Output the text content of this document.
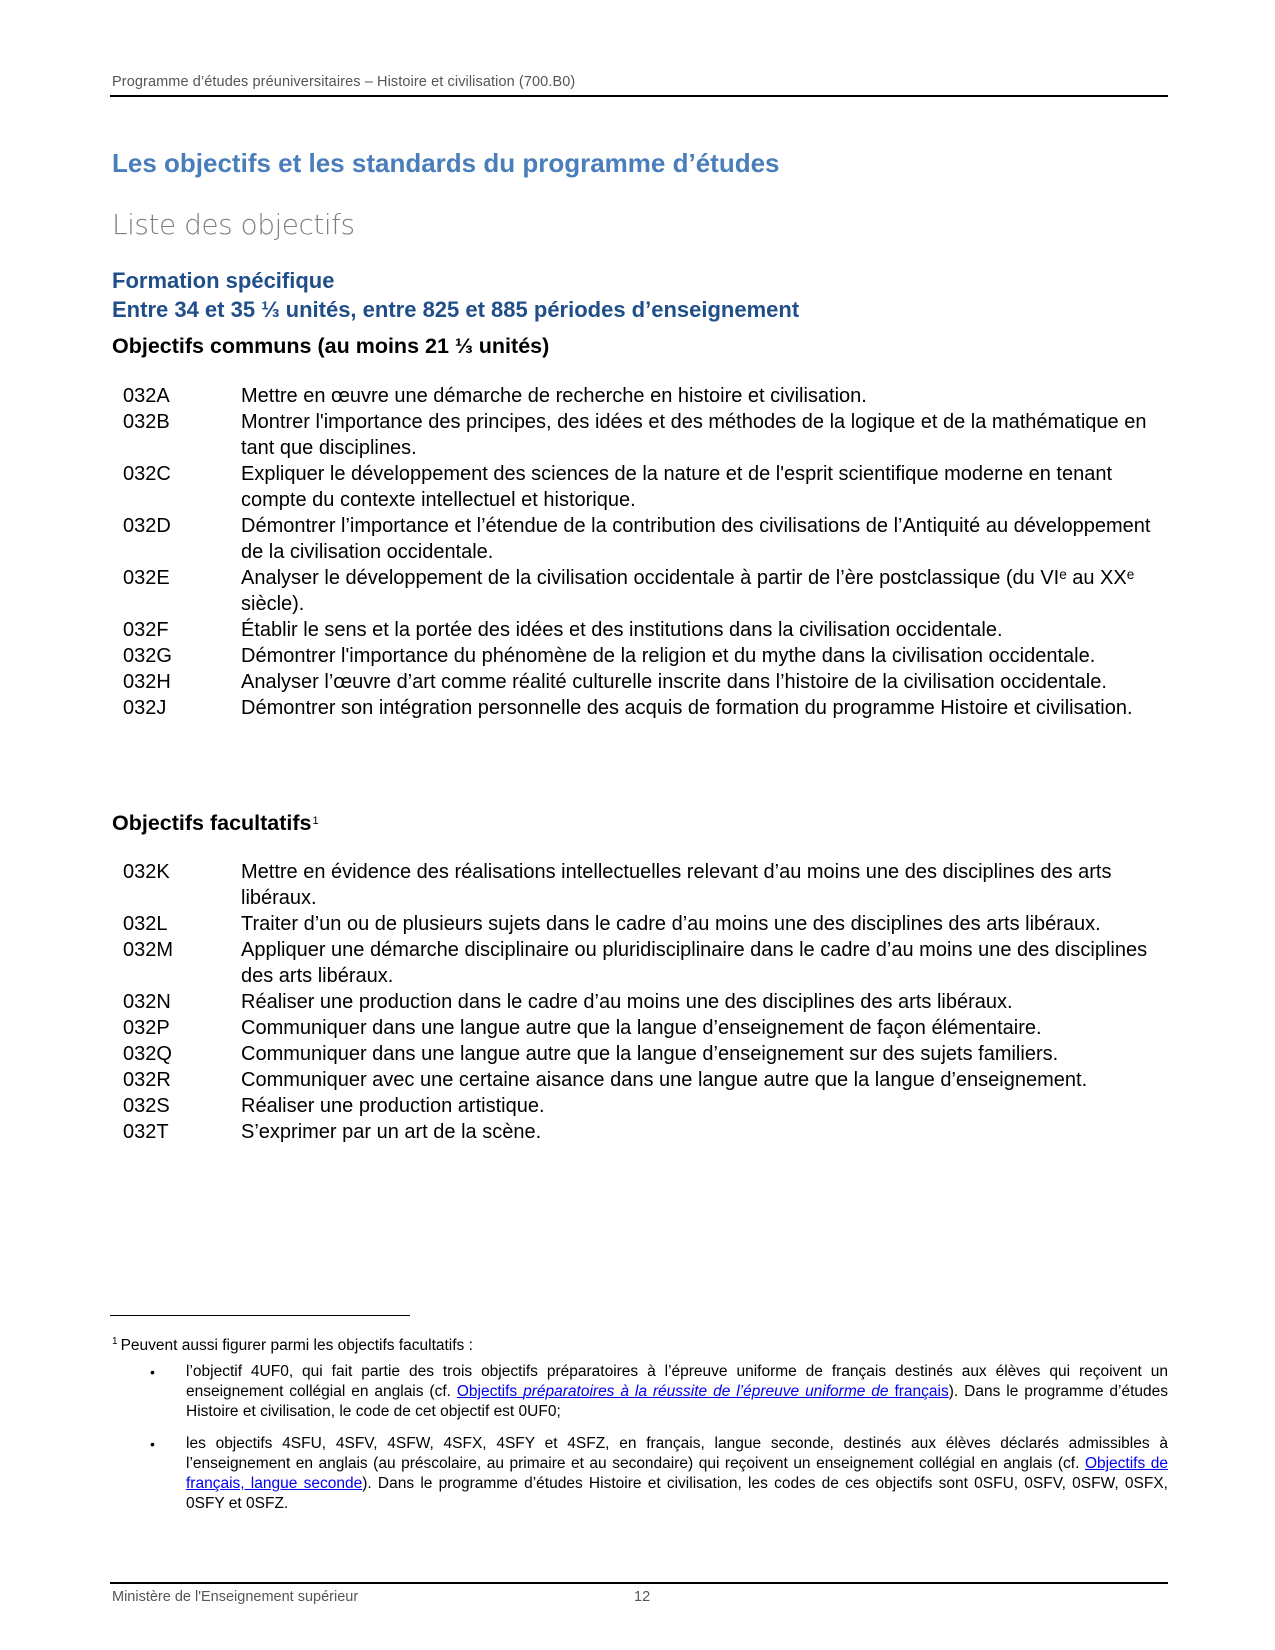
Programme d’études préuniversitaires – Histoire et civilisation (700.B0)
Les objectifs et les standards du programme d’études
Liste des objectifs
Formation spécifique
Entre 34 et 35 ⅓ unités, entre 825 et 885 périodes d’enseignement
Objectifs communs (au moins 21 ⅓ unités)
032A	Mettre en œuvre une démarche de recherche en histoire et civilisation.
032B	Montrer l'importance des principes, des idées et des méthodes de la logique et de la mathématique en tant que disciplines.
032C	Expliquer le développement des sciences de la nature et de l'esprit scientifique moderne en tenant compte du contexte intellectuel et historique.
032D	Démontrer l’importance et l’étendue de la contribution des civilisations de l’Antiquité au développement de la civilisation occidentale.
032E	Analyser le développement de la civilisation occidentale à partir de l’ère postclassique (du VIᵉ au XXᵉ siècle).
032F	Établir le sens et la portée des idées et des institutions dans la civilisation occidentale.
032G	Démontrer l'importance du phénomène de la religion et du mythe dans la civilisation occidentale.
032H	Analyser l’œuvre d’art comme réalité culturelle inscrite dans l’histoire de la civilisation occidentale.
032J	Démontrer son intégration personnelle des acquis de formation du programme Histoire et civilisation.
Objectifs facultatifs$^1$
032K	Mettre en évidence des réalisations intellectuelles relevant d’au moins une des disciplines des arts libéraux.
032L	Traiter d’un ou de plusieurs sujets dans le cadre d’au moins une des disciplines des arts libéraux.
032M	Appliquer une démarche disciplinaire ou pluridisciplinaire dans le cadre d’au moins une des disciplines des arts libéraux.
032N	Réaliser une production dans le cadre d’au moins une des disciplines des arts libéraux.
032P	Communiquer dans une langue autre que la langue d’enseignement de façon élémentaire.
032Q	Communiquer dans une langue autre que la langue d’enseignement sur des sujets familiers.
032R	Communiquer avec une certaine aisance dans une langue autre que la langue d’enseignement.
032S	Réaliser une production artistique.
032T	S’exprimer par un art de la scène.
$^1$ Peuvent aussi figurer parmi les objectifs facultatifs :
•	l’objectif 4UF0, qui fait partie des trois objectifs préparatoires à l’épreuve uniforme de français destinés aux élèves qui reçoivent un enseignement collégial en anglais (cf. Objectifs préparatoires à la réussite de l’épreuve uniforme de français). Dans le programme d’études Histoire et civilisation, le code de cet objectif est 0UF0;
•	les objectifs 4SFU, 4SFV, 4SFW, 4SFX, 4SFY et 4SFZ, en français, langue seconde, destinés aux élèves déclarés admissibles à l’enseignement en anglais (au préscolaire, au primaire et au secondaire) qui reçoivent un enseignement collégial en anglais (cf. Objectifs de français, langue seconde). Dans le programme d’études Histoire et civilisation, les codes de ces objectifs sont 0SFU, 0SFV, 0SFW, 0SFX, 0SFY et 0SFZ.
Ministère de l'Enseignement supérieur	12
